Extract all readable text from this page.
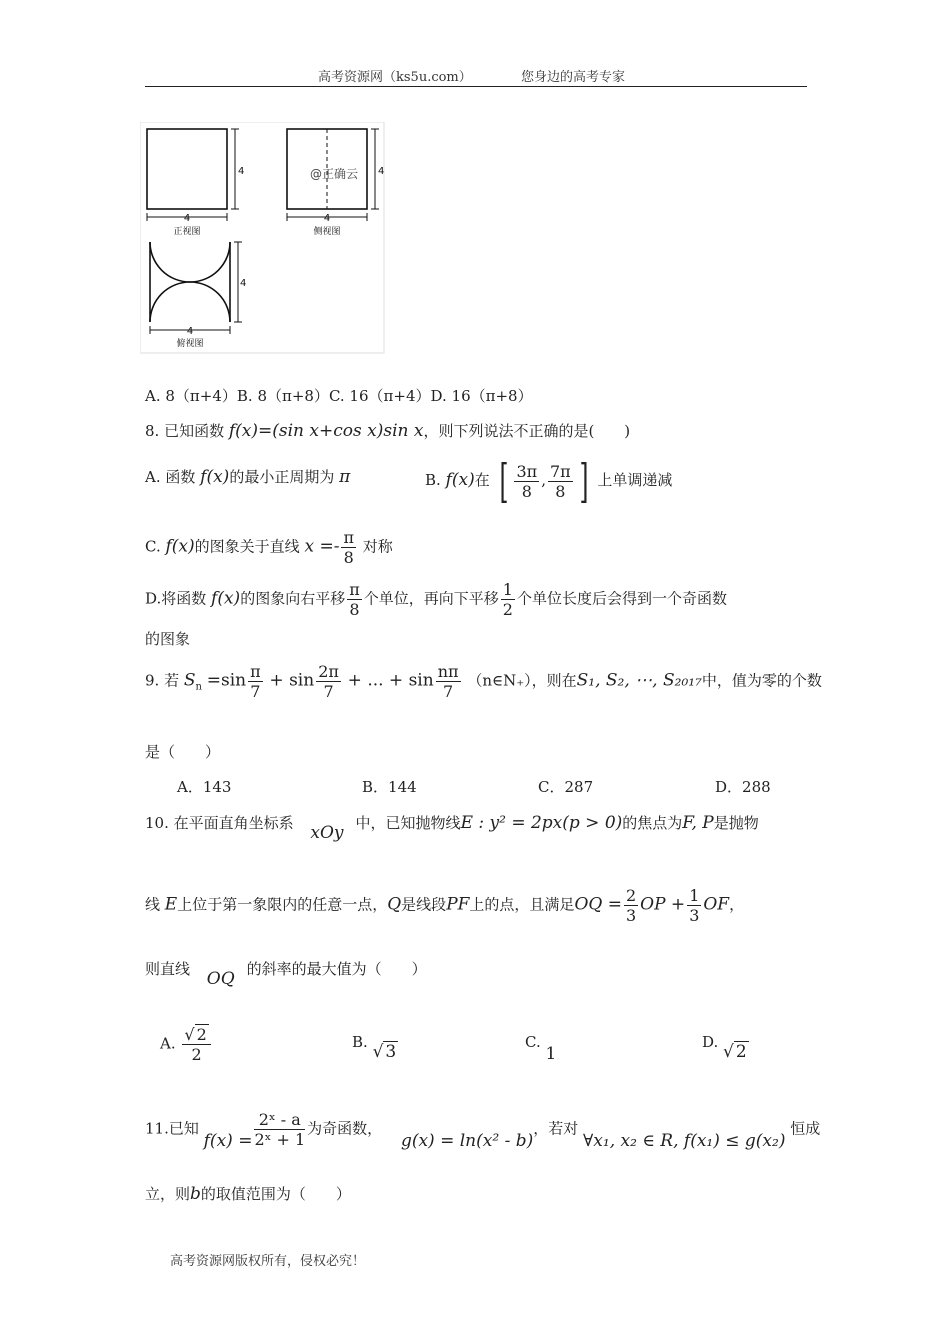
高考资源网（ks5u.com）	您身边的高考专家
4
4
正视图
4
4
侧视图
@正确云
4
4
俯视图
A. 8（π+4）B. 8（π+8）C. 16（π+4）D. 16（π+8）
8. 已知函数 f(x)=(sin x+cos x)sin x，则下列说法不正确的是(　　)
A. 函数 f(x)的最小正周期为 π	B. f(x)在 [ $\frac{3\pi}{8}$ , $\frac{7\pi}{8}$ ] 上单调递减
C. f(x)的图象关于直线 $x =- \frac{\pi}{8}$ 对称
D.将函数 f(x)的图象向右平移 $\frac{\pi}{8}$ 个单位，再向下平移 $\frac{1}{2}$ 个单位长度后会得到一个奇函数
的图象
9. 若 $S_n =\sin \frac{\pi}{7} + \sin \frac{2\pi}{7}$ + ... + $\sin \frac{n\pi}{7}$ （n∈N₊），则在S₁, S₂, ⋯, S₂₀₁₇中，值为零的个数
是（　　）
A．143	B．144	C．287	D．288
10. 在平面直角坐标系 xOy 中，已知抛物线E : y² = 2px(p > 0)的焦点为F, P是抛物
线 E上位于第一象限内的任意一点，Q是线段PF上的点，且满足OQ = $\frac{2}{3}$ OP + $\frac{1}{3}$ OF，
则直线 OQ 的斜率的最大值为（　　）
A. $\frac{√ 2}{2}$	B. √ 3	C. 1
D. √ 2
11.已知 $f(x) = \frac{\text{2ˣ - a}}{\text{2ˣ + 1}}$ 为奇函数， g(x) = ln(x² - b)，若对 ∀x₁, x₂ ∈ R, f(x₁) ≤ g(x₂) 恒成
立，则b的取值范围为（　　）
高考资源网版权所有，侵权必究！
